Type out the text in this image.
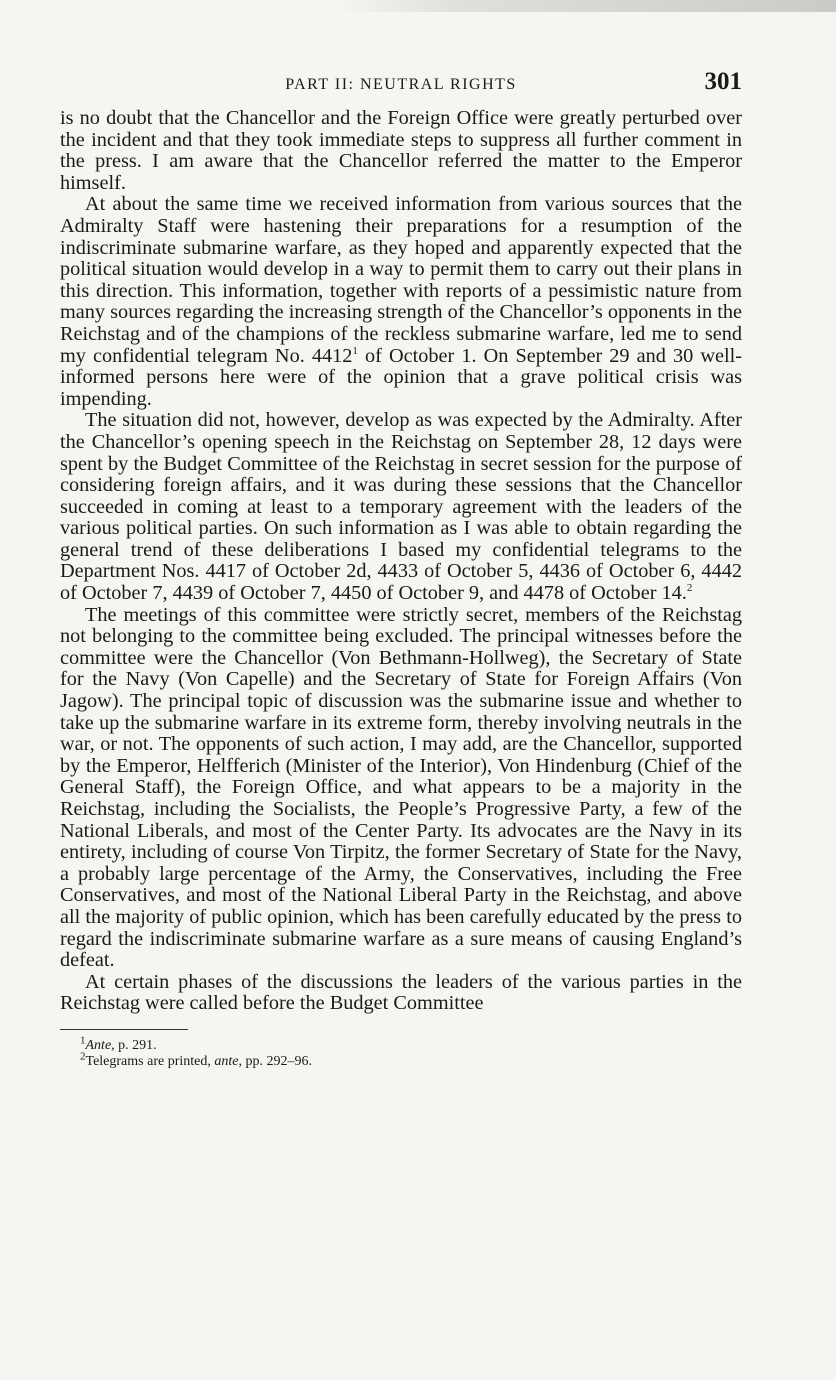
PART II: NEUTRAL RIGHTS	301

is no doubt that the Chancellor and the Foreign Office were greatly perturbed over the incident and that they took immediate steps to suppress all further comment in the press. I am aware that the Chancellor referred the matter to the Emperor himself.

At about the same time we received information from various sources that the Admiralty Staff were hastening their preparations for a resumption of the indiscriminate submarine warfare, as they hoped and apparently expected that the political situation would develop in a way to permit them to carry out their plans in this direction. This information, together with reports of a pessimistic nature from many sources regarding the increasing strength of the Chancellor’s opponents in the Reichstag and of the champions of the reckless submarine warfare, led me to send my confidential telegram No. 4412$^1$ of October 1. On September 29 and 30 well-informed persons here were of the opinion that a grave political crisis was impending.

The situation did not, however, develop as was expected by the Admiralty. After the Chancellor’s opening speech in the Reichstag on September 28, 12 days were spent by the Budget Committee of the Reichstag in secret session for the purpose of considering foreign affairs, and it was during these sessions that the Chancellor succeeded in coming at least to a temporary agreement with the leaders of the various political parties. On such information as I was able to obtain regarding the general trend of these deliberations I based my confidential telegrams to the Department Nos. 4417 of October 2d, 4433 of October 5, 4436 of October 6, 4442 of October 7, 4439 of October 7, 4450 of October 9, and 4478 of October 14.$^2$

The meetings of this committee were strictly secret, members of the Reichstag not belonging to the committee being excluded. The principal witnesses before the committee were the Chancellor (Von Bethmann-Hollweg), the Secretary of State for the Navy (Von Capelle) and the Secretary of State for Foreign Affairs (Von Jagow). The principal topic of discussion was the submarine issue and whether to take up the submarine warfare in its extreme form, thereby involving neutrals in the war, or not. The opponents of such action, I may add, are the Chancellor, supported by the Emperor, Helfferich (Minister of the Interior), Von Hindenburg (Chief of the General Staff), the Foreign Office, and what appears to be a majority in the Reichstag, including the Socialists, the People’s Progressive Party, a few of the National Liberals, and most of the Center Party. Its advocates are the Navy in its entirety, including of course Von Tirpitz, the former Secretary of State for the Navy, a probably large percentage of the Army, the Conservatives, including the Free Conservatives, and most of the National Liberal Party in the Reichstag, and above all the majority of public opinion, which has been carefully educated by the press to regard the indiscriminate submarine warfare as a sure means of causing England’s defeat.

At certain phases of the discussions the leaders of the various parties in the Reichstag were called before the Budget Committee

$^1$Ante, p. 291.

$^2$Telegrams are printed, ante, pp. 292–96.
